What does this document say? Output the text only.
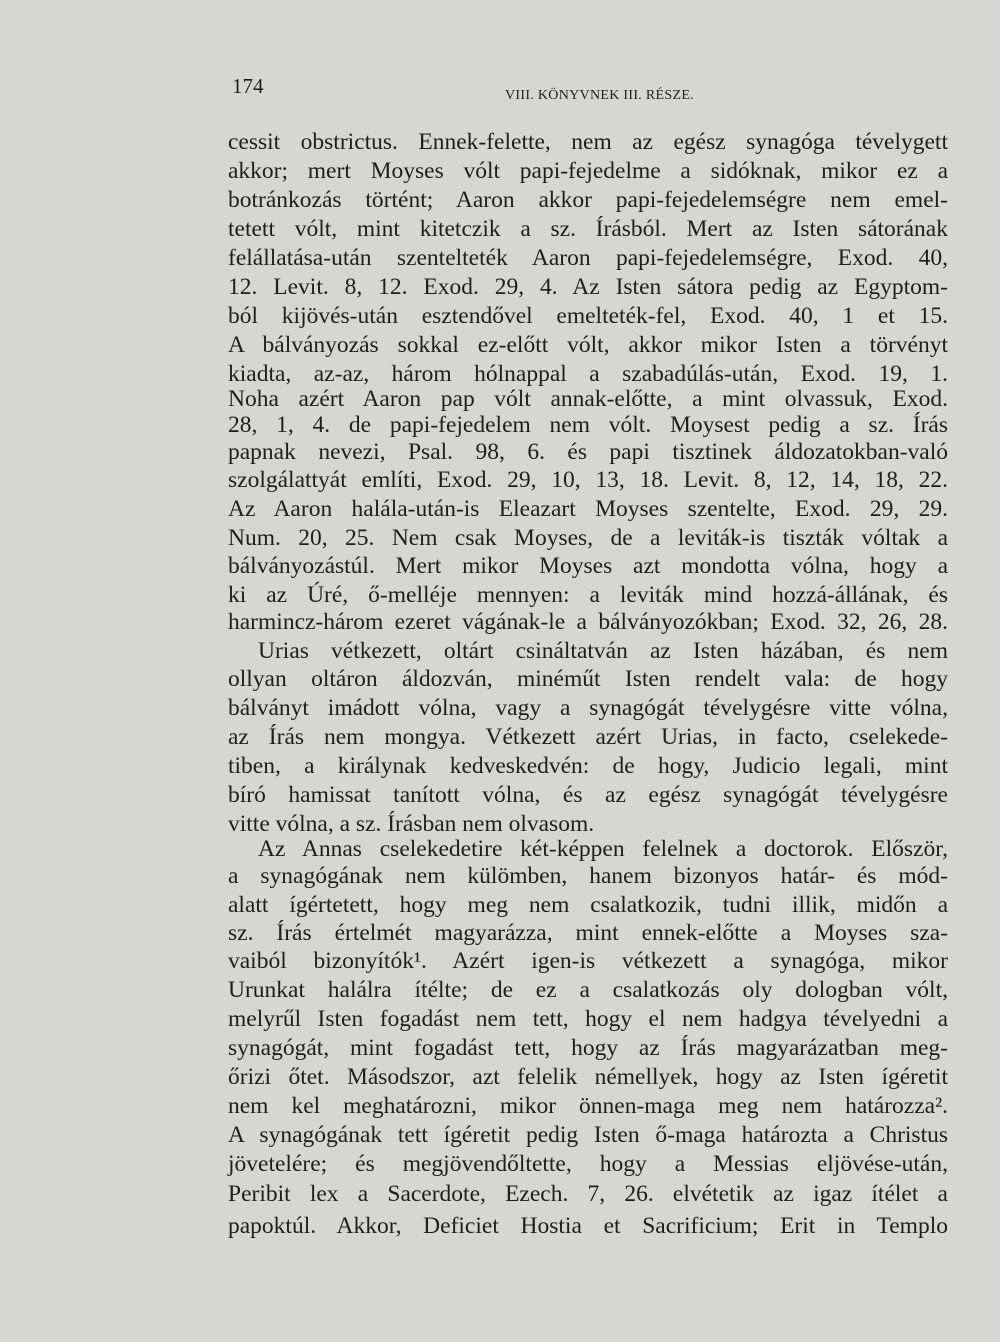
174	VIII. KÖNYVNEK III. RÉSZE.
cessit obstrictus. Ennek-felette, nem az egész synagóga tévelygett
akkor; mert Moyses vólt papi-fejedelme a sidóknak, mikor ez a
botránkozás történt; Aaron akkor papi-fejedelemségre nem emel-
tetett vólt, mint kitetczik a sz. Írásból. Mert az Isten sátorának
felállatása-után szentelteték Aaron papi-fejedelemségre, Exod. 40,
12. Levit. 8, 12. Exod. 29, 4. Az Isten sátora pedig az Egyptom-
ból kijövés-után esztendővel emelteték-fel, Exod. 40, 1 et 15.
A bálványozás sokkal ez-előtt vólt, akkor mikor Isten a törvényt
kiadta, az-az, három hólnappal a szabadúlás-után, Exod. 19, 1.
Noha azért Aaron pap vólt annak-előtte, a mint olvassuk, Exod.
28, 1, 4. de papi-fejedelem nem vólt. Moysest pedig a sz. Írás
papnak nevezi, Psal. 98, 6. és papi tisztinek áldozatokban-való
szolgálattyát említi, Exod. 29, 10, 13, 18. Levit. 8, 12, 14, 18, 22.
Az Aaron halála-után-is Eleazart Moyses szentelte, Exod. 29, 29.
Num. 20, 25. Nem csak Moyses, de a leviták-is tiszták vóltak a
bálványozástúl. Mert mikor Moyses azt mondotta vólna, hogy a
ki az Úré, ő-melléje mennyen: a leviták mind hozzá-állának, és
harmincz-három ezeret vágának-le a bálványozókban; Exod. 32, 26, 28.
Urias vétkezett, oltárt csináltatván az Isten házában, és nem
ollyan oltáron áldozván, minéműt Isten rendelt vala: de hogy
bálványt imádott vólna, vagy a synagógát tévelygésre vitte vólna,
az Írás nem mongya. Vétkezett azért Urias, in facto, cselekede-
tiben, a királynak kedveskedvén: de hogy, Judicio legali, mint
bíró hamissat tanított vólna, és az egész synagógát tévelygésre
vitte vólna, a sz. Írásban nem olvasom.
Az Annas cselekedetire két-képpen felelnek a doctorok. Először,
a synagógának nem külömben, hanem bizonyos határ- és mód-
alatt ígértetett, hogy meg nem csalatkozik, tudni illik, midőn a
sz. Írás értelmét magyarázza, mint ennek-előtte a Moyses sza-
vaiból bizonyítók¹. Azért igen-is vétkezett a synagóga, mikor
Urunkat halálra ítélte; de ez a csalatkozás oly dologban vólt,
melyrűl Isten fogadást nem tett, hogy el nem hadgya tévelyedni a
synagógát, mint fogadást tett, hogy az Írás magyarázatban meg-
őrizi őtet. Másodszor, azt felelik némellyek, hogy az Isten ígéretit
nem kel meghatározni, mikor önnen-maga meg nem határozza².
A synagógának tett ígéretit pedig Isten ő-maga határozta a Christus
jövetelére; és megjövendőltette, hogy a Messias eljövése-után,
Peribit lex a Sacerdote, Ezech. 7, 26. elvétetik az igaz ítélet a
papoktúl. Akkor, Deficiet Hostia et Sacrificium; Erit in Templo
